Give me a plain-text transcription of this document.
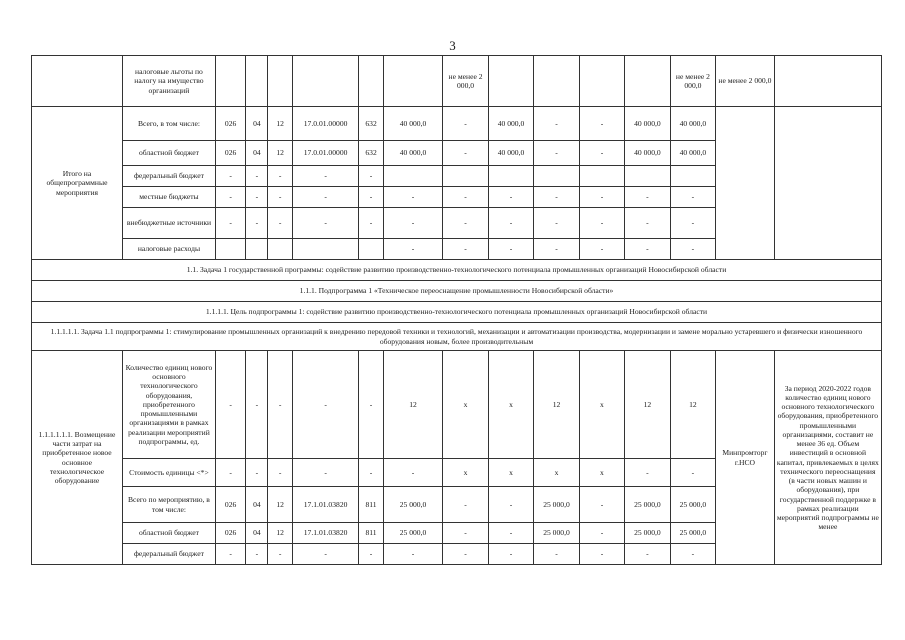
3
	налоговые льготы по налогу на имущество организаций							не менее 2 000,0					не менее 2 000,0	не менее 2 000,0	
Итого на общепрограммные мероприятия	Всего, в том числе:	026	04	12	17.0.01.00000	632	40 000,0	-	40 000,0	-	-	40 000,0	40 000,0		
	областной бюджет	026	04	12	17.0.01.00000	632	40 000,0	-	40 000,0	-	-	40 000,0	40 000,0		
	федеральный бюджет	-	-	-	-	-									
	местные бюджеты	-	-	-	-	-	-	-	-	-	-	-	-		
	внебюджетные источники	-	-	-	-	-	-	-	-	-	-	-	-		
	налоговые расходы						-	-	-	-	-	-	-		
1.1. Задача 1 государственной программы: содействие развитию производственно-технологического потенциала промышленных организаций Новосибирской области															
1.1.1. Подпрограмма 1 «Техническое переоснащение промышленности Новосибирской области»															
1.1.1.1. Цель подпрограммы 1: содействие развитию производственно-технологического потенциала промышленных организаций Новосибирской области															
1.1.1.1.1. Задача 1.1 подпрограммы 1: стимулирование промышленных организаций к внедрению передовой техники и технологий, механизации и автоматизации производства, модернизации и замене морально устаревшего и физически изношенного оборудования новым, более производительным															
1.1.1.1.1.1. Возмещение части затрат на приобретенное новое основное технологическое оборудование	Количество единиц нового основного технологического оборудования, приобретенного промышленными организациями в рамках реализации мероприятий подпрограммы, ед.	-	-	-	-	-	12	х	х	12	х	12	12	Минпромторг г.НСО	За период 2020-2022 годов количество единиц нового основного технологического оборудования, приобретенного промышленными организациями, составит не менее 36 ед. Объем инвестиций в основной капитал, привлекаемых в целях технического переоснащения (в части новых машин и оборудования), при государственной поддержке в рамках реализации мероприятий подпрограммы не менее
	Стоимость единицы <*>	-	-	-	-	-	-	х	х	х	х	-	-		
	Всего по мероприятию, в том числе:	026	04	12	17.1.01.03820	811	25 000,0	-	-	25 000,0	-	25 000,0	25 000,0		
	областной бюджет	026	04	12	17.1.01.03820	811	25 000,0	-	-	25 000,0	-	25 000,0	25 000,0		
	федеральный бюджет	-	-	-	-	-	-	-	-	-	-	-	-		
